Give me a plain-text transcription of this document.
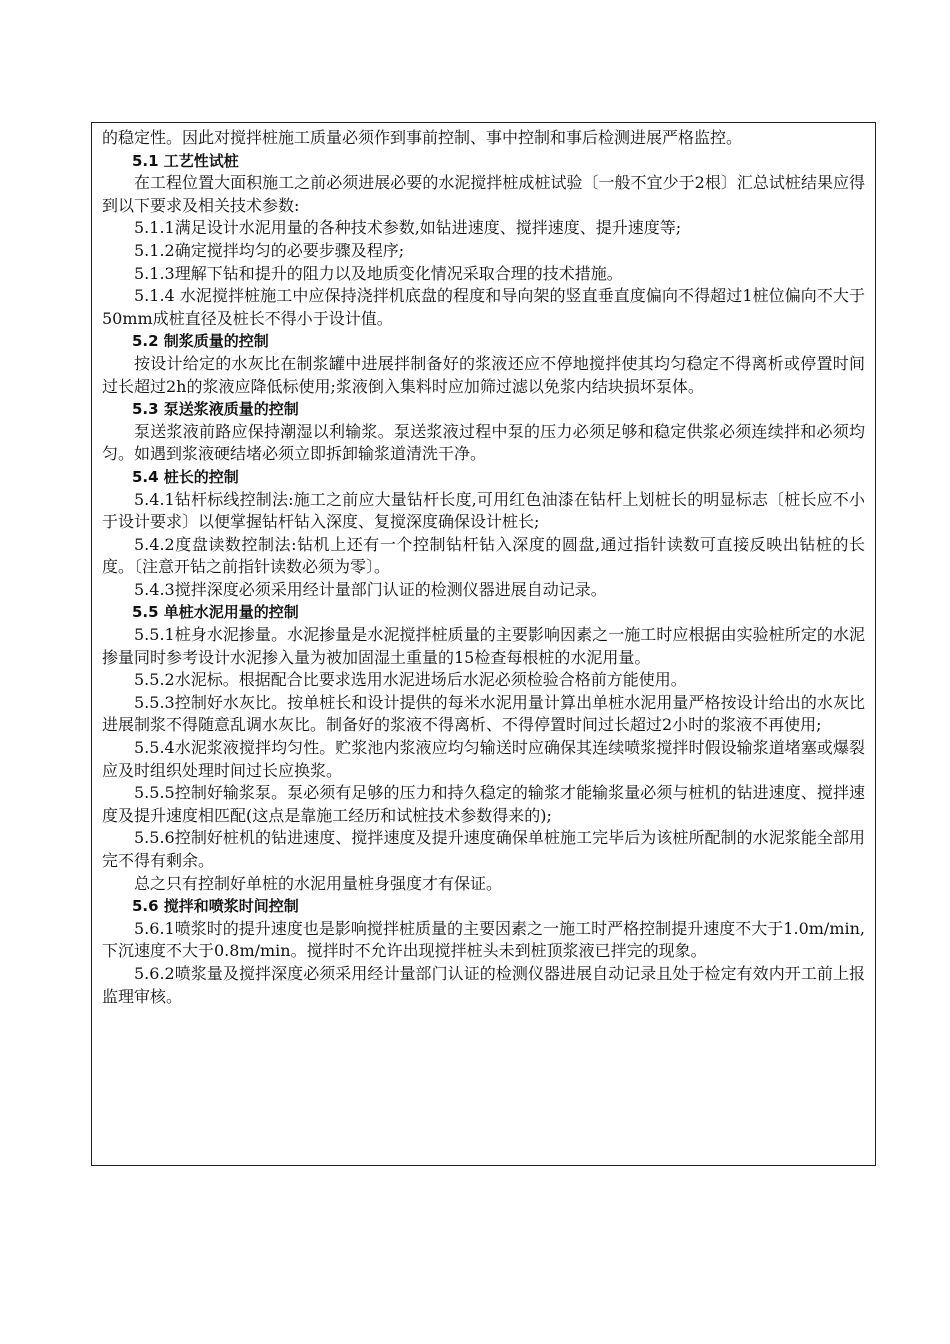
的稳定性。因此对搅拌桩施工质量必须作到事前控制、事中控制和事后检测进展严格监控。
5.1 工艺性试桩
在工程位置大面积施工之前必须进展必要的水泥搅拌桩成桩试验〔一般不宜少于2根〕汇总试桩结果应得到以下要求及相关技术参数:
5.1.1满足设计水泥用量的各种技术参数,如钻进速度、搅拌速度、提升速度等;
5.1.2确定搅拌均匀的必要步骤及程序;
5.1.3理解下钻和提升的阻力以及地质变化情况采取合理的技术措施。
5.1.4 水泥搅拌桩施工中应保持浇拌机底盘的程度和导向架的竖直垂直度偏向不得超过1桩位偏向不大于50mm成桩直径及桩长不得小于设计值。
5.2 制浆质量的控制
按设计给定的水灰比在制浆罐中进展拌制备好的浆液还应不停地搅拌使其均匀稳定不得离析或停置时间过长超过2h的浆液应降低标使用;浆液倒入集料时应加筛过滤以免浆内结块损坏泵体。
5.3 泵送浆液质量的控制
泵送浆液前路应保持潮湿以利输浆。泵送浆液过程中泵的压力必须足够和稳定供浆必须连续拌和必须均匀。如遇到浆液硬结堵必须立即拆卸输浆道清洗干净。
5.4 桩长的控制
5.4.1钻杆标线控制法:施工之前应大量钻杆长度,可用红色油漆在钻杆上划桩长的明显标志〔桩长应不小于设计要求〕以便掌握钻杆钻入深度、复搅深度确保设计桩长;
5.4.2度盘读数控制法:钻机上还有一个控制钻杆钻入深度的圆盘,通过指针读数可直接反映出钻桩的长度。〔注意开钻之前指针读数必须为零〕。
5.4.3搅拌深度必须采用经计量部门认证的检测仪器进展自动记录。
5.5 单桩水泥用量的控制
5.5.1桩身水泥掺量。水泥掺量是水泥搅拌桩质量的主要影响因素之一施工时应根据由实验桩所定的水泥掺量同时参考设计水泥掺入量为被加固湿土重量的15检查每根桩的水泥用量。
5.5.2水泥标。根据配合比要求选用水泥进场后水泥必须检验合格前方能使用。
5.5.3控制好水灰比。按单桩长和设计提供的每米水泥用量计算出单桩水泥用量严格按设计给出的水灰比进展制浆不得随意乱调水灰比。制备好的浆液不得离析、不得停置时间过长超过2小时的浆液不再使用;
5.5.4水泥浆液搅拌均匀性。贮浆池内浆液应均匀输送时应确保其连续喷浆搅拌时假设输浆道堵塞或爆裂应及时组织处理时间过长应换浆。
5.5.5控制好输浆泵。泵必须有足够的压力和持久稳定的输浆才能输浆量必须与桩机的钻进速度、搅拌速度及提升速度相匹配(这点是靠施工经历和试桩技术参数得来的);
5.5.6控制好桩机的钻进速度、搅拌速度及提升速度确保单桩施工完毕后为该桩所配制的水泥浆能全部用完不得有剩余。
总之只有控制好单桩的水泥用量桩身强度才有保证。
5.6 搅拌和喷浆时间控制
5.6.1喷浆时的提升速度也是影响搅拌桩质量的主要因素之一施工时严格控制提升速度不大于1.0m/min,下沉速度不大于0.8m/min。搅拌时不允许出现搅拌桩头未到桩顶浆液已拌完的现象。
5.6.2喷浆量及搅拌深度必须采用经计量部门认证的检测仪器进展自动记录且处于检定有效内开工前上报监理审核。
